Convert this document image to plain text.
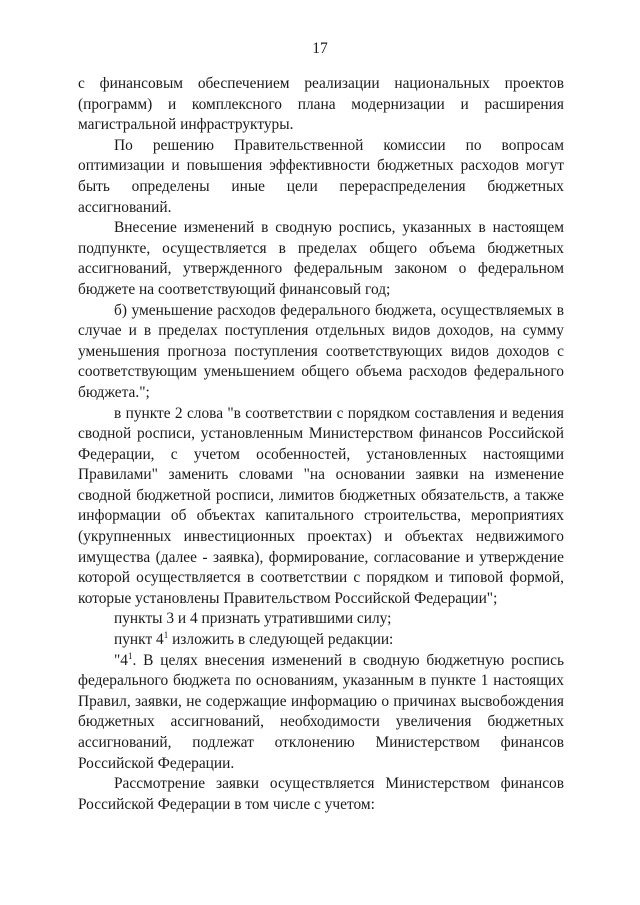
17

с финансовым обеспечением реализации национальных проектов (программ) и комплексного плана модернизации и расширения магистральной инфраструктуры.

По решению Правительственной комиссии по вопросам оптимизации и повышения эффективности бюджетных расходов могут быть определены иные цели перераспределения бюджетных ассигнований.

Внесение изменений в сводную роспись, указанных в настоящем подпункте, осуществляется в пределах общего объема бюджетных ассигнований, утвержденного федеральным законом о федеральном бюджете на соответствующий финансовый год;

б) уменьшение расходов федерального бюджета, осуществляемых в случае и в пределах поступления отдельных видов доходов, на сумму уменьшения прогноза поступления соответствующих видов доходов с соответствующим уменьшением общего объема расходов федерального бюджета.";

в пункте 2 слова "в соответствии с порядком составления и ведения сводной росписи, установленным Министерством финансов Российской Федерации, с учетом особенностей, установленных настоящими Правилами" заменить словами "на основании заявки на изменение сводной бюджетной росписи, лимитов бюджетных обязательств, а также информации об объектах капитального строительства, мероприятиях (укрупненных инвестиционных проектах) и объектах недвижимого имущества (далее - заявка), формирование, согласование и утверждение которой осуществляется в соответствии с порядком и типовой формой, которые установлены Правительством Российской Федерации";

пункты 3 и 4 признать утратившими силу;

пункт $4^1$ изложить в следующей редакции:

"$4^1$. В целях внесения изменений в сводную бюджетную роспись федерального бюджета по основаниям, указанным в пункте 1 настоящих Правил, заявки, не содержащие информацию о причинах высвобождения бюджетных ассигнований, необходимости увеличения бюджетных ассигнований, подлежат отклонению Министерством финансов Российской Федерации.

Рассмотрение заявки осуществляется Министерством финансов Российской Федерации в том числе с учетом:
